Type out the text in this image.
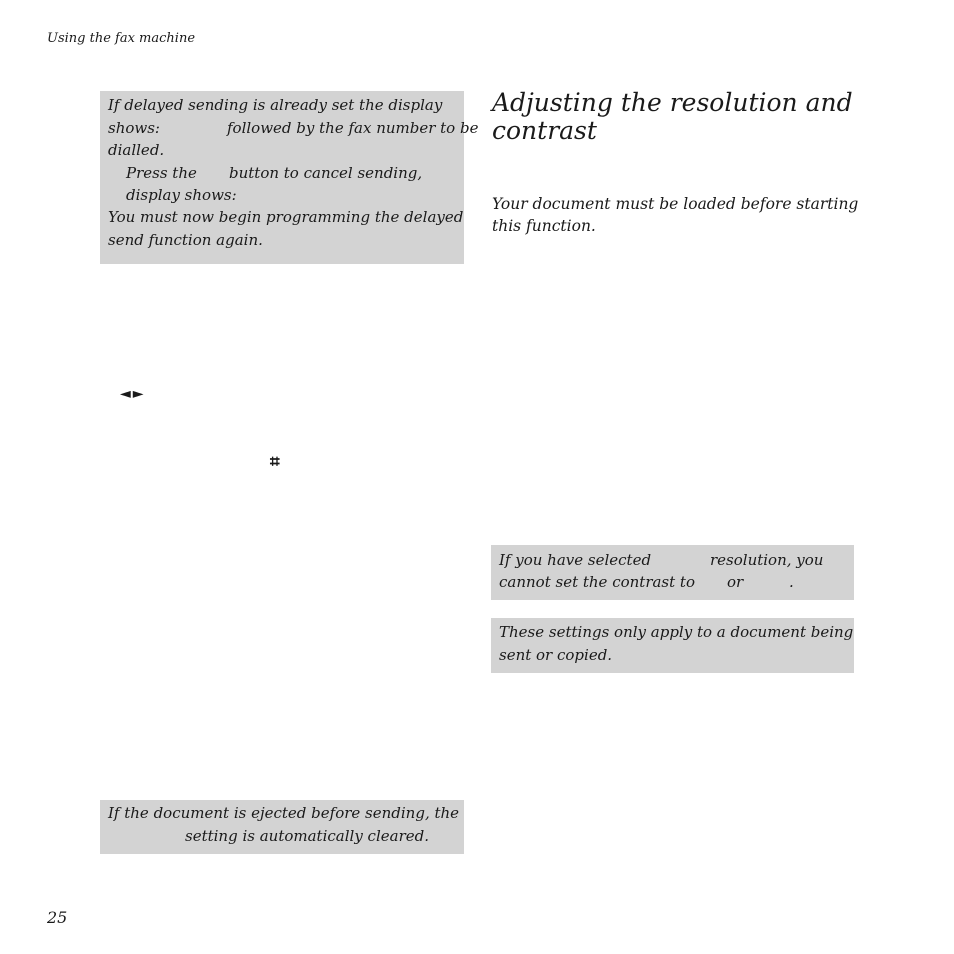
Using the fax machine
If delayed sending is already set the display
shows:	followed by the fax number to be
dialled.
Press the button to cancel sending,
display shows:
You must now begin programming the delayed
send function again.
◄►
⌗
If the document is ejected before sending, the
setting is automatically cleared.
Adjusting the resolution and
contrast
Your document must be loaded before starting
this function.
If you have selected	resolution, you
cannot set the contrast to or	.
These settings only apply to a document being
sent or copied.
25
